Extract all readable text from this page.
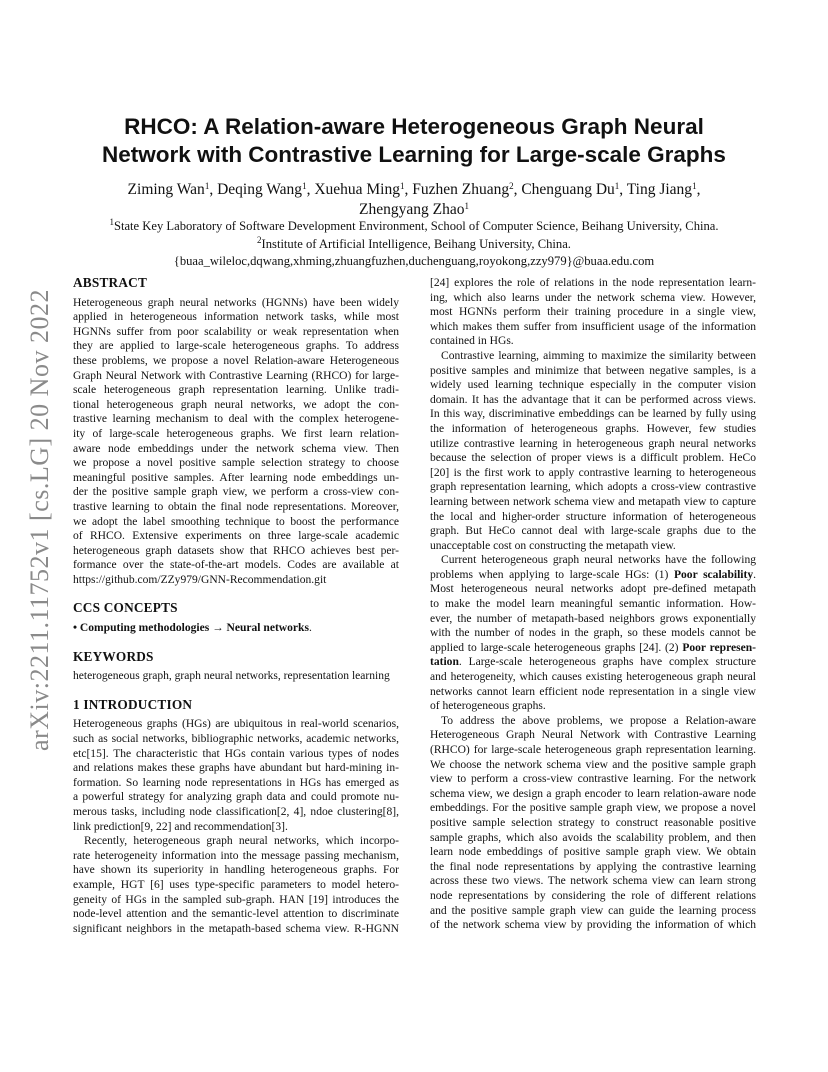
arXiv:2211.11752v1 [cs.LG] 20 Nov 2022
RHCO: A Relation-aware Heterogeneous Graph Neural
Network with Contrastive Learning for Large-scale Graphs
Ziming Wan$^1$, Deqing Wang$^1$, Xuehua Ming$^1$, Fuzhen Zhuang$^2$, Chenguang Du$^1$, Ting Jiang$^1$,
Zhengyang Zhao$^1$
$^1$State Key Laboratory of Software Development Environment, School of Computer Science, Beihang University, China.
$^2$Institute of Artificial Intelligence, Beihang University, China.
{buaa_wileloc,dqwang,xhming,zhuangfuzhen,duchenguang,royokong,zzy979}@buaa.edu.com
ABSTRACT

Heterogeneous graph neural networks (HGNNs) have been widely
applied in heterogeneous information network tasks, while most
HGNNs suffer from poor scalability or weak representation when
they are applied to large-scale heterogeneous graphs. To address
these problems, we propose a novel Relation-aware Heterogeneous
Graph Neural Network with Contrastive Learning (RHCO) for large-
scale heterogeneous graph representation learning. Unlike tradi-
tional heterogeneous graph neural networks, we adopt the con-
trastive learning mechanism to deal with the complex heterogene-
ity of large-scale heterogeneous graphs. We first learn relation-
aware node embeddings under the network schema view. Then
we propose a novel positive sample selection strategy to choose
meaningful positive samples. After learning node embeddings un-
der the positive sample graph view, we perform a cross-view con-
trastive learning to obtain the final node representations. Moreover,
we adopt the label smoothing technique to boost the performance
of RHCO. Extensive experiments on three large-scale academic
heterogeneous graph datasets show that RHCO achieves best per-
formance over the state-of-the-art models. Codes are available at
https://github.com/ZZy979/GNN-Recommendation.git

CCS CONCEPTS

• Computing methodologies → Neural networks.

KEYWORDS

heterogeneous graph, graph neural networks, representation learning

1 INTRODUCTION

Heterogeneous graphs (HGs) are ubiquitous in real-world scenarios,
such as social networks, bibliographic networks, academic networks,
etc[15]. The characteristic that HGs contain various types of nodes
and relations makes these graphs have abundant but hard-mining in-
formation. So learning node representations in HGs has emerged as
a powerful strategy for analyzing graph data and could promote nu-
merous tasks, including node classification[2, 4], ndoe clustering[8],
link prediction[9, 22] and recommendation[3].

Recently, heterogeneous graph neural networks, which incorpo-
rate heterogeneity information into the message passing mechanism,
have shown its superiority in handling heterogeneous graphs. For
example, HGT [6] uses type-specific parameters to model hetero-
geneity of HGs in the sampled sub-graph. HAN [19] introduces the
node-level attention and the semantic-level attention to discriminate
significant neighbors in the metapath-based schema view. R-HGNN

[24] explores the role of relations in the node representation learn-
ing, which also learns under the network schema view. However,
most HGNNs perform their training procedure in a single view,
which makes them suffer from insufficient usage of the information
contained in HGs.

Contrastive learning, aimming to maximize the similarity between
positive samples and minimize that between negative samples, is a
widely used learning technique especially in the computer vision
domain. It has the advantage that it can be performed across views.
In this way, discriminative embeddings can be learned by fully using
the information of heterogeneous graphs. However, few studies
utilize contrastive learning in heterogeneous graph neural networks
because the selection of proper views is a difficult problem. HeCo
[20] is the first work to apply contrastive learning to heterogeneous
graph representation learning, which adopts a cross-view contrastive
learning between network schema view and metapath view to capture
the local and higher-order structure information of heterogeneous
graph. But HeCo cannot deal with large-scale graphs due to the
unacceptable cost on constructing the metapath view.

Current heterogeneous graph neural networks have the following
problems when applying to large-scale HGs: (1) Poor scalability.
Most heterogeneous neural networks adopt pre-defined metapath
to make the model learn meaningful semantic information. How-
ever, the number of metapath-based neighbors grows exponentially
with the number of nodes in the graph, so these models cannot be
applied to large-scale heterogeneous graphs [24]. (2) Poor represen-
tation. Large-scale heterogeneous graphs have complex structure
and heterogeneity, which causes existing heterogeneous graph neural
networks cannot learn efficient node representation in a single view
of heterogeneous graphs.

To address the above problems, we propose a Relation-aware
Heterogeneous Graph Neural Network with Contrastive Learning
(RHCO) for large-scale heterogeneous graph representation learning.
We choose the network schema view and the positive sample graph
view to perform a cross-view contrastive learning. For the network
schema view, we design a graph encoder to learn relation-aware node
embeddings. For the positive sample graph view, we propose a novel
positive sample selection strategy to construct reasonable positive
sample graphs, which also avoids the scalability problem, and then
learn node embeddings of positive sample graph view. We obtain
the final node representations by applying the contrastive learning
across these two views. The network schema view can learn strong
node representations by considering the role of different relations
and the positive sample graph view can guide the learning process
of the network schema view by providing the information of which
